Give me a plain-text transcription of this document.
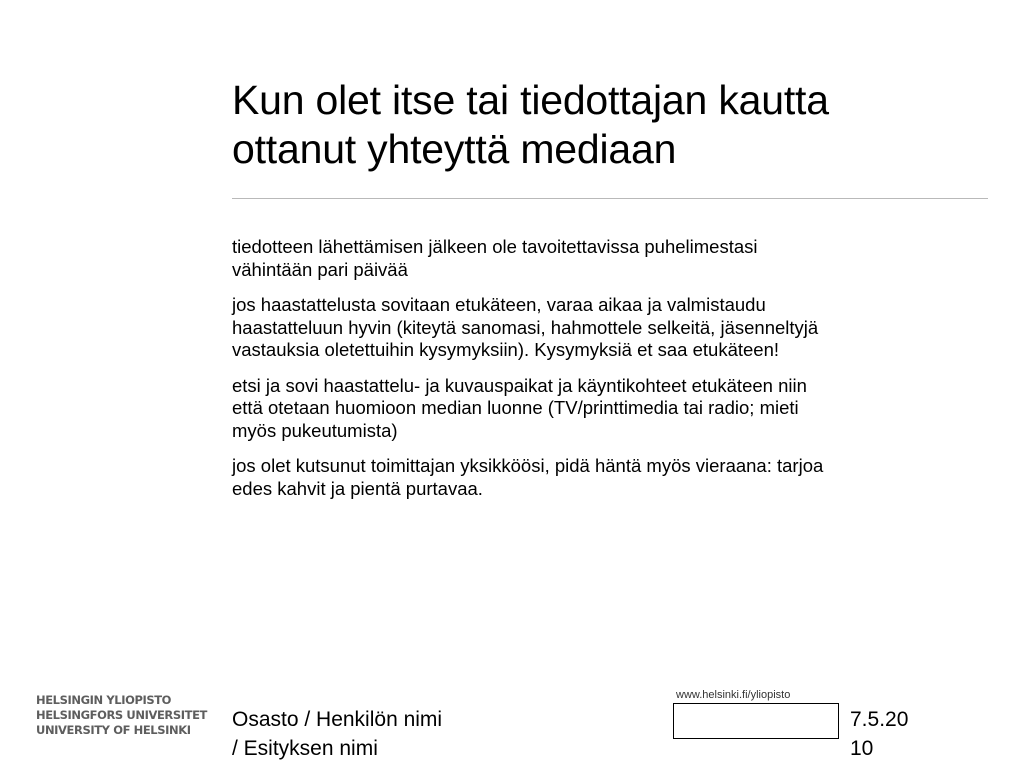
Kun olet itse tai tiedottajan kautta
ottanut yhteyttä mediaan

tiedotteen lähettämisen jälkeen ole tavoitettavissa puhelimestasi
vähintään pari päivää

jos haastattelusta sovitaan etukäteen, varaa aikaa ja valmistaudu
haastatteluun hyvin (kiteytä sanomasi, hahmottele selkeitä, jäsenneltyjä
vastauksia oletettuihin kysymyksiin). Kysymyksiä et saa etukäteen!

etsi ja sovi haastattelu- ja kuvauspaikat ja käyntikohteet etukäteen niin
että otetaan huomioon median luonne (TV/printtimedia tai radio; mieti
myös pukeutumista)

jos olet kutsunut toimittajan yksikköösi, pidä häntä myös vieraana: tarjoa
edes kahvit ja pientä purtavaa.

HELSINGIN YLIOPISTO
HELSINGFORS UNIVERSITET
UNIVERSITY OF HELSINKI	Osasto / Henkilön nimi
/ Esityksen nimi
www.helsinki.fi/yliopisto
7.5.20
10
